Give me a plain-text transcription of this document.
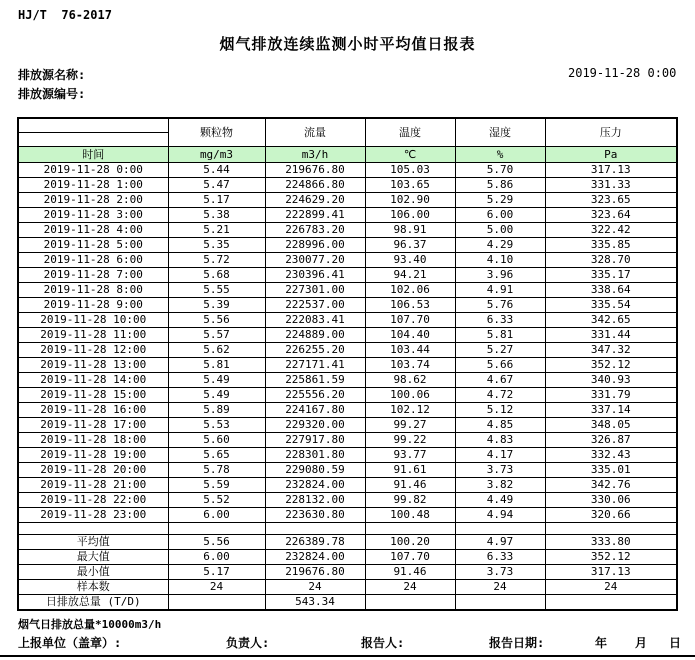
HJ/T  76-2017
烟气排放连续监测小时平均值日报表
排放源名称:	2019-11-28 0:00
排放源编号:
	颗粒物	流量	温度	湿度	压力

时间	mg/m3	m3/h	℃	%	Pa
2019-11-28 0:00	5.44	219676.80	105.03	5.70	317.13
2019-11-28 1:00	5.47	224866.80	103.65	5.86	331.33
2019-11-28 2:00	5.17	224629.20	102.90	5.29	323.65
2019-11-28 3:00	5.38	222899.41	106.00	6.00	323.64
2019-11-28 4:00	5.21	226783.20	98.91	5.00	322.42
2019-11-28 5:00	5.35	228996.00	96.37	4.29	335.85
2019-11-28 6:00	5.72	230077.20	93.40	4.10	328.70
2019-11-28 7:00	5.68	230396.41	94.21	3.96	335.17
2019-11-28 8:00	5.55	227301.00	102.06	4.91	338.64
2019-11-28 9:00	5.39	222537.00	106.53	5.76	335.54
2019-11-28 10:00	5.56	222083.41	107.70	6.33	342.65
2019-11-28 11:00	5.57	224889.00	104.40	5.81	331.44
2019-11-28 12:00	5.62	226255.20	103.44	5.27	347.32
2019-11-28 13:00	5.81	227171.41	103.74	5.66	352.12
2019-11-28 14:00	5.49	225861.59	98.62	4.67	340.93
2019-11-28 15:00	5.49	225556.20	100.06	4.72	331.79
2019-11-28 16:00	5.89	224167.80	102.12	5.12	337.14
2019-11-28 17:00	5.53	229320.00	99.27	4.85	348.05
2019-11-28 18:00	5.60	227917.80	99.22	4.83	326.87
2019-11-28 19:00	5.65	228301.80	93.77	4.17	332.43
2019-11-28 20:00	5.78	229080.59	91.61	3.73	335.01
2019-11-28 21:00	5.59	232824.00	91.46	3.82	342.76
2019-11-28 22:00	5.52	228132.00	99.82	4.49	330.06
2019-11-28 23:00	6.00	223630.80	100.48	4.94	320.66

平均值	5.56	226389.78	100.20	4.97	333.80
最大值	6.00	232824.00	107.70	6.33	352.12
最小值	5.17	219676.80	91.46	3.73	317.13
样本数	24	24	24	24	24
日排放总量 (T/D)		543.34			
烟气日排放总量*10000m3/h
上报单位（盖章）:	负责人:	报告人:	报告日期:	年 月 日
